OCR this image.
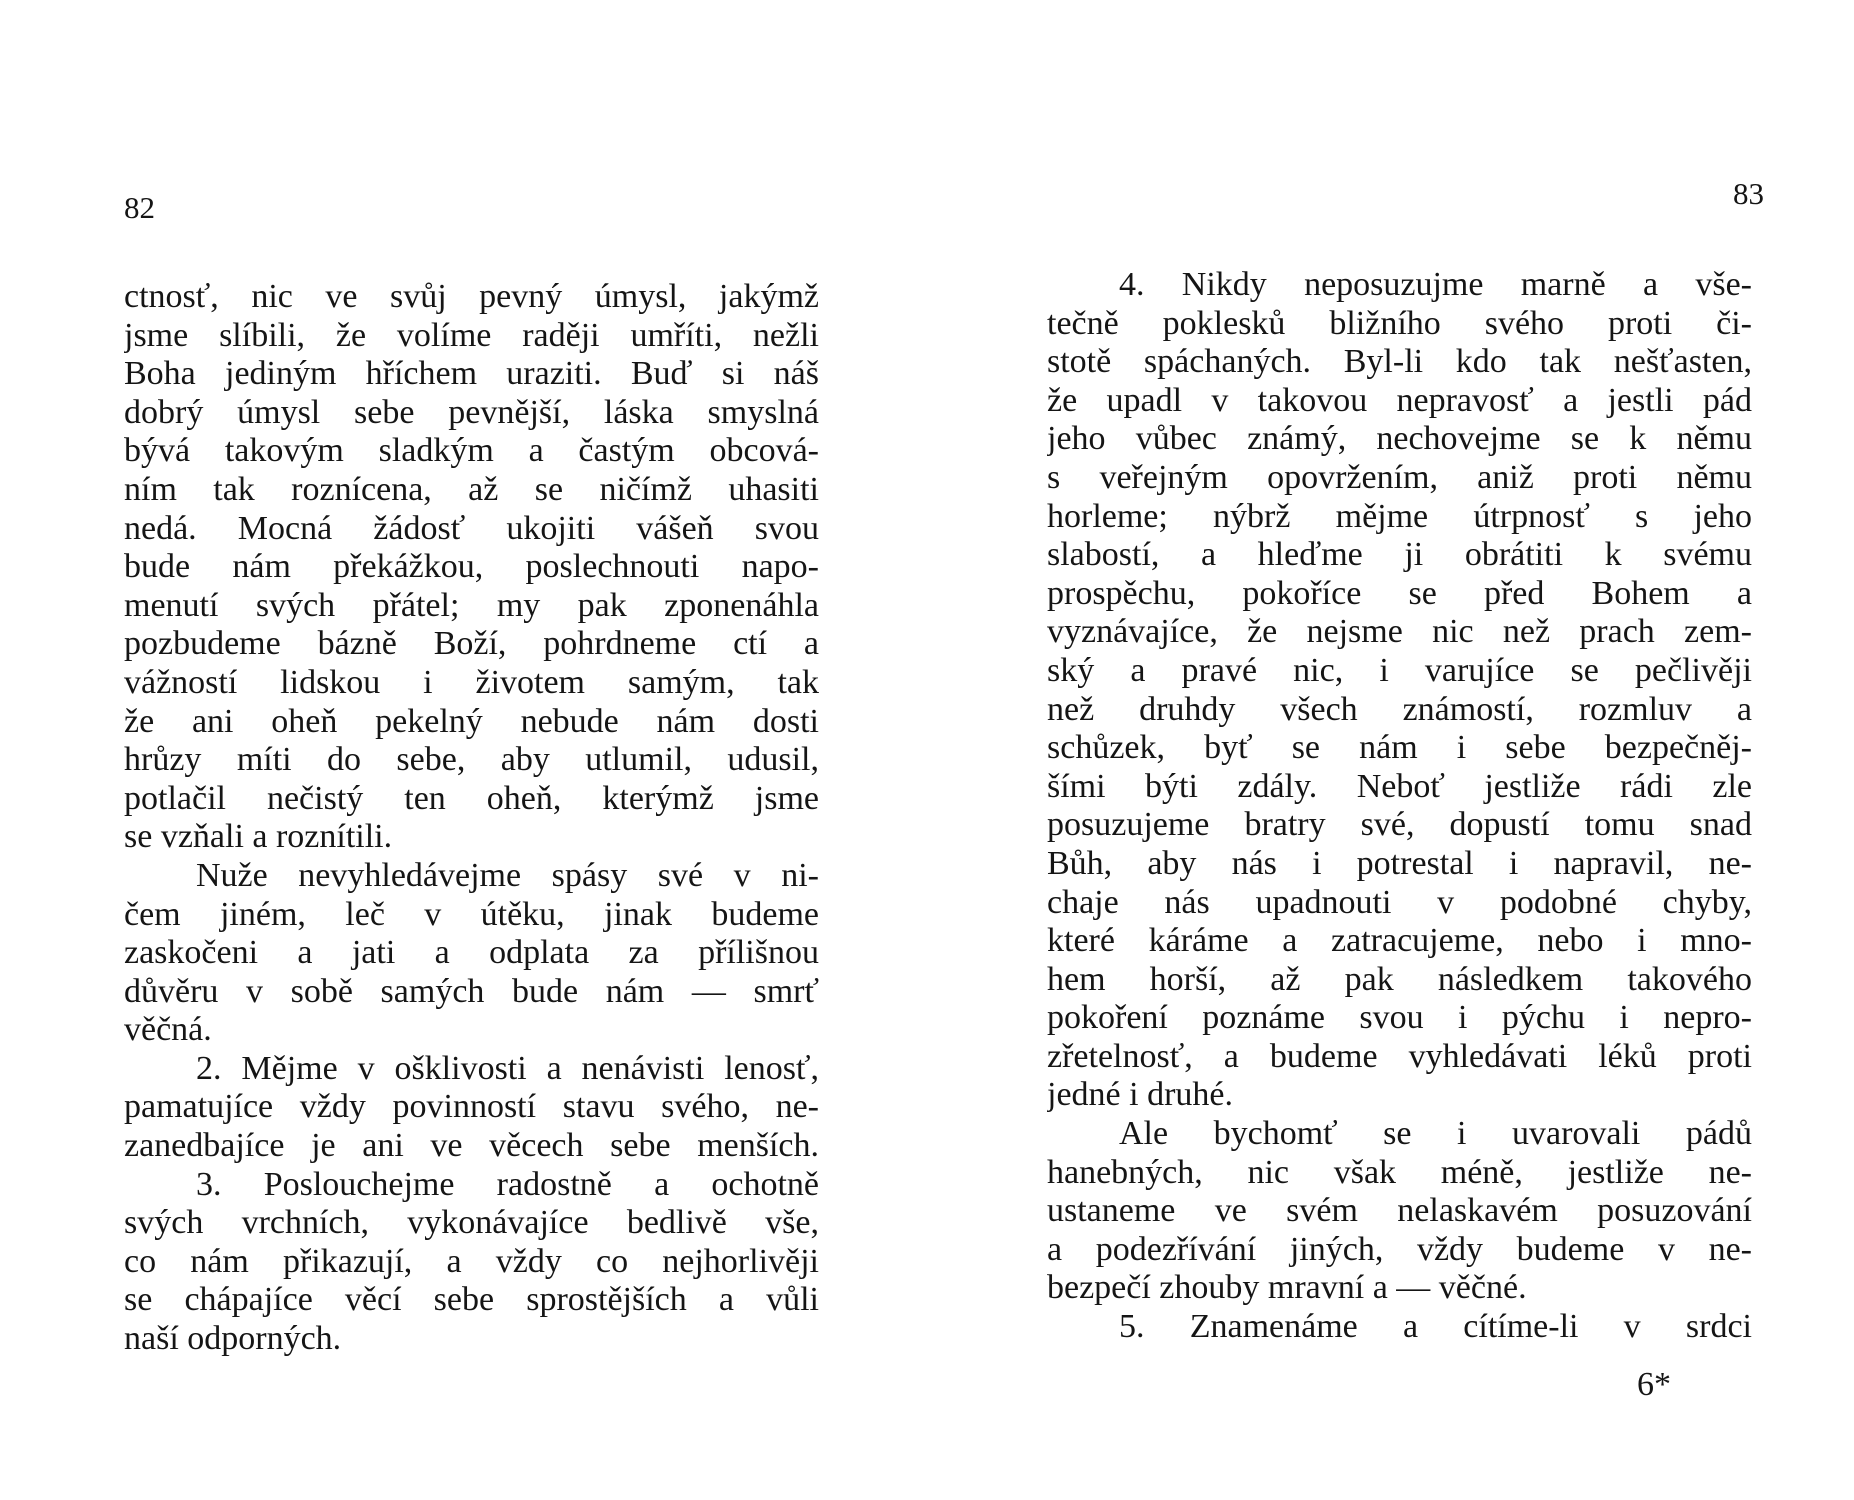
82
ctnosť, nic ve svůj pevný úmysl, jakýmž
jsme slíbili, že volíme raději umříti, nežli
Boha jediným hříchem uraziti. Buď si náš
dobrý úmysl sebe pevnější, láska smyslná
bývá takovým sladkým a častým obcová-
ním tak roznícena, až se ničímž uhasiti
nedá. Mocná žádosť ukojiti vášeň svou
bude nám překážkou, poslechnouti napo-
menutí svých přátel; my pak zponenáhla
pozbudeme bázně Boží, pohrdneme ctí a
vážností lidskou i životem samým, tak
že ani oheň pekelný nebude nám dosti
hrůzy míti do sebe, aby utlumil, udusil,
potlačil nečistý ten oheň, kterýmž jsme
se vzňali a roznítili.
Nuže nevyhledávejme spásy své v ni-
čem jiném, leč v útěku, jinak budeme
zaskočeni a jati a odplata za přílišnou
důvěru v sobě samých bude nám — smrť
věčná.
2. Mějme v ošklivosti a nenávisti lenosť,
pamatujíce vždy povinností stavu svého, ne-
zanedbajíce je ani ve věcech sebe menších.
3. Poslouchejme radostně a ochotně
svých vrchních, vykonávajíce bedlivě vše,
co nám přikazují, a vždy co nejhorlivěji
se chápajíce věcí sebe sprostějších a vůli
naší odporných.
83
4. Nikdy neposuzujme marně a vše-
tečně poklesků bližního svého proti či-
stotě spáchaných. Byl-li kdo tak nešťasten,
že upadl v takovou nepravosť a jestli pád
jeho vůbec známý, nechovejme se k němu
s veřejným opovržením, aniž proti němu
horleme; nýbrž mějme útrpnosť s jeho
slabostí, a hleďme ji obrátiti k svému
prospěchu, pokoříce se před Bohem a
vyznávajíce, že nejsme nic než prach zem-
ský a pravé nic, i varujíce se pečlivěji
než druhdy všech známostí, rozmluv a
schůzek, byť se nám i sebe bezpečněj-
šími býti zdály. Neboť jestliže rádi zle
posuzujeme bratry své, dopustí tomu snad
Bůh, aby nás i potrestal i napravil, ne-
chaje nás upadnouti v podobné chyby,
které káráme a zatracujeme, nebo i mno-
hem horší, až pak následkem takového
pokoření poznáme svou i pýchu i nepro-
zřetelnosť, a budeme vyhledávati léků proti
jedné i druhé.
Ale bychomť se i uvarovali pádů
hanebných, nic však méně, jestliže ne-
ustaneme ve svém nelaskavém posuzování
a podezřívání jiných, vždy budeme v ne-
bezpečí zhouby mravní a — věčné.
5. Znamenáme a cítíme-li v srdci
6*
